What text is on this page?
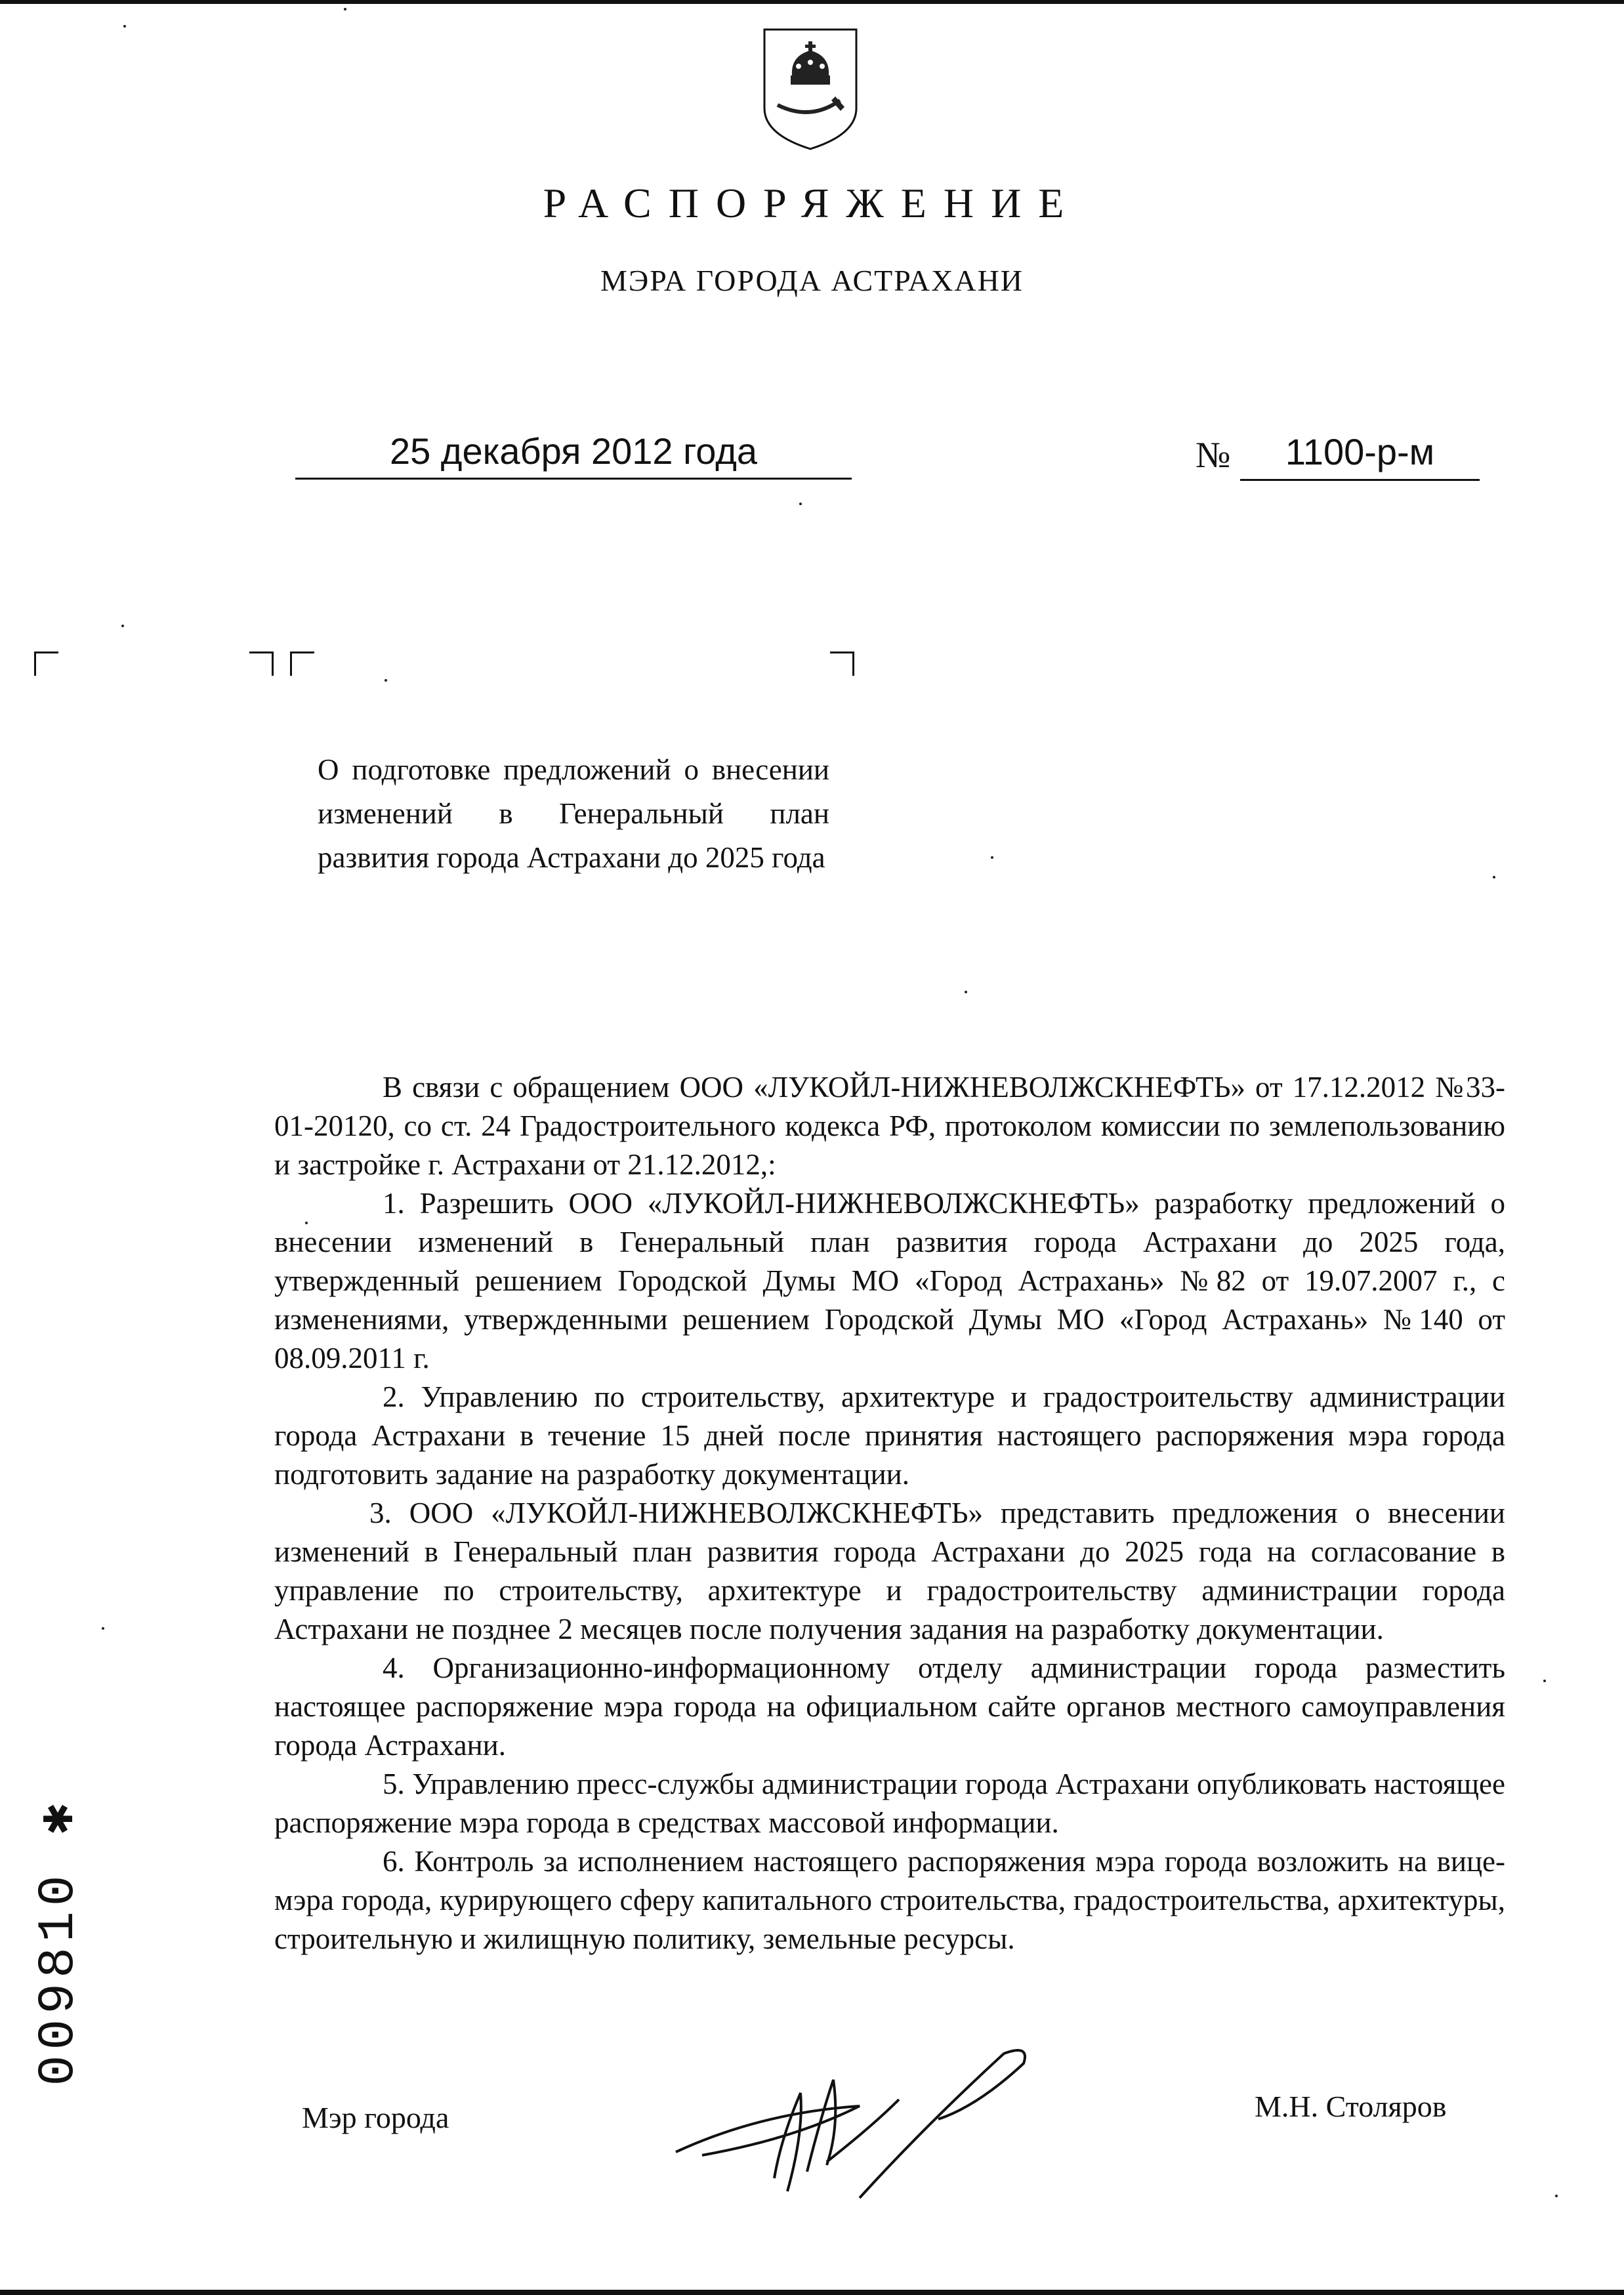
РАСПОРЯЖЕНИЕ
МЭРА ГОРОДА АСТРАХАНИ
25 декабря 2012 года	№	1100-р-м
О подготовке предложений о внесении изменений в Генеральный план развития города Астрахани до 2025 года

В связи с обращением ООО «ЛУКОЙЛ-НИЖНЕВОЛЖСКНЕФТЬ» от 17.12.2012 №33-01-20120, со ст. 24 Градостроительного кодекса РФ, протоколом комиссии по землепользованию и застройке г. Астрахани от 21.12.2012,:

1. Разрешить ООО «ЛУКОЙЛ-НИЖНЕВОЛЖСКНЕФТЬ» разработку предложений о внесении изменений в Генеральный план развития города Астрахани до 2025 года, утвержденный решением Городской Думы МО «Город Астрахань» №82 от 19.07.2007 г., с изменениями, утвержденными решением Городской Думы МО «Город Астрахань» №140 от 08.09.2011 г.

2. Управлению по строительству, архитектуре и градостроительству администрации города Астрахани в течение 15 дней после принятия настоящего распоряжения мэра города подготовить задание на разработку документации.

3. ООО «ЛУКОЙЛ-НИЖНЕВОЛЖСКНЕФТЬ» представить предложения о внесении изменений в Генеральный план развития города Астрахани до 2025 года на согласование в управление по строительству, архитектуре и градостроительству администрации города Астрахани не позднее 2 месяцев после получения задания на разработку документации.

4. Организационно-информационному отделу администрации города разместить настоящее распоряжение мэра города на официальном сайте органов местного самоуправления города Астрахани.

5. Управлению пресс-службы администрации города Астрахани опубликовать настоящее распоряжение мэра города в средствах массовой информации.

6. Контроль за исполнением настоящего распоряжения мэра города возложить на вице-мэра города, курирующего сферу капитального строительства, градостроительства, архитектуры, строительную и жилищную политику, земельные ресурсы.

Мэр города	М.Н. Столяров
009810 ✱
